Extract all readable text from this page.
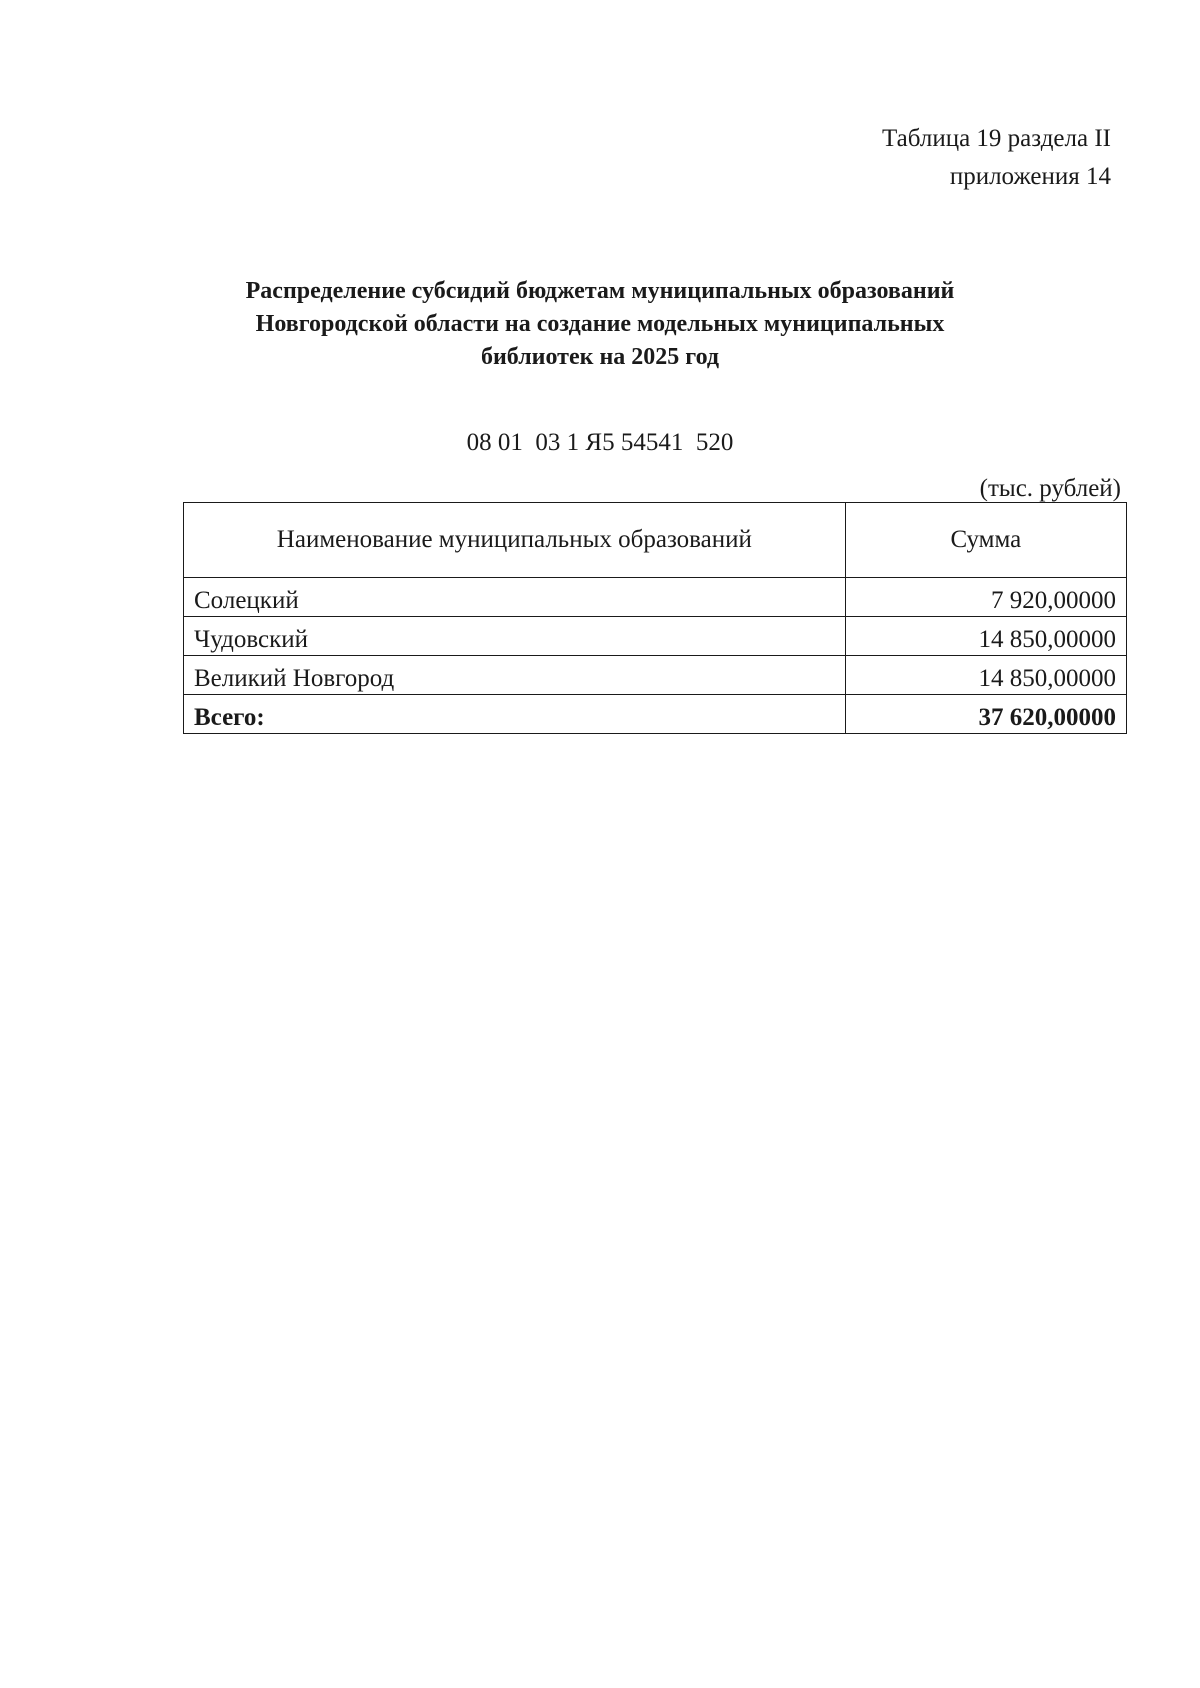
Таблица 19 раздела II
приложения 14
Распределение субсидий бюджетам муниципальных образований
Новгородской области на создание модельных муниципальных
библиотек на 2025 год
08 01  03 1 Я5 54541  520
(тыс. рублей)
Наименование муниципальных образований	Сумма
Солецкий	7 920,00000
Чудовский	14 850,00000
Великий Новгород	14 850,00000
Всего:	37 620,00000
